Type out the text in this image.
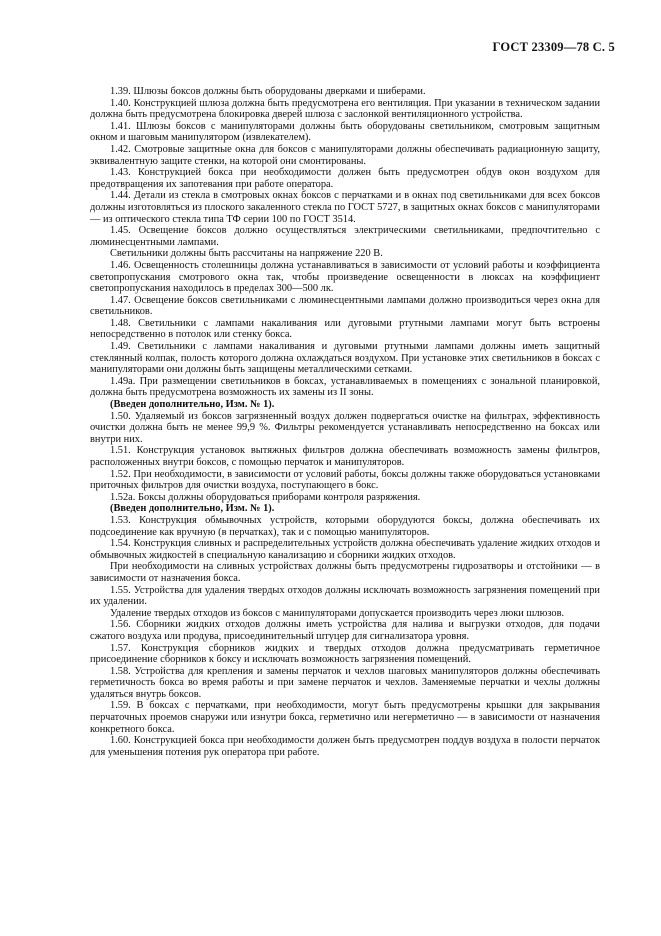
ГОСТ 23309—78 С. 5

1.39. Шлюзы боксов должны быть оборудованы дверками и шиберами.

1.40. Конструкцией шлюза должна быть предусмотрена его вентиляция. При указании в техническом задании должна быть предусмотрена блокировка дверей шлюза с заслонкой вентиляционного устройства.

1.41. Шлюзы боксов с манипуляторами должны быть оборудованы светильником, смотровым защитным окном и шаговым манипулятором (извлекателем).

1.42. Смотровые защитные окна для боксов с манипуляторами должны обеспечивать радиационную защиту, эквивалентную защите стенки, на которой они смонтированы.

1.43. Конструкцией бокса при необходимости должен быть предусмотрен обдув окон воздухом для предотвращения их запотевания при работе оператора.

1.44. Детали из стекла в смотровых окнах боксов с перчатками и в окнах под светильниками для всех боксов должны изготовляться из плоского закаленного стекла по ГОСТ 5727, в защитных окнах боксов с манипуляторами — из оптического стекла типа ТФ серии 100 по ГОСТ 3514.

1.45. Освещение боксов должно осуществляться электрическими светильниками, предпочтительно с люминесцентными лампами.

Светильники должны быть рассчитаны на напряжение 220 В.

1.46. Освещенность столешницы должна устанавливаться в зависимости от условий работы и коэффициента светопропускания смотрового окна так, чтобы произведение освещенности в люксах на коэффициент светопропускания находилось в пределах 300—500 лк.

1.47. Освещение боксов светильниками с люминесцентными лампами должно производиться через окна для светильников.

1.48. Светильники с лампами накаливания или дуговыми ртутными лампами могут быть встроены непосредственно в потолок или стенку бокса.

1.49. Светильники с лампами накаливания и дуговыми ртутными лампами должны иметь защитный стеклянный колпак, полость которого должна охлаждаться воздухом. При установке этих светильников в боксах с манипуляторами они должны быть защищены металлическими сетками.

1.49а. При размещении светильников в боксах, устанавливаемых в помещениях с зональной планировкой, должна быть предусмотрена возможность их замены из II зоны.

(Введен дополнительно, Изм. № 1).

1.50. Удаляемый из боксов загрязненный воздух должен подвергаться очистке на фильтрах, эффективность очистки должна быть не менее 99,9 %. Фильтры рекомендуется устанавливать непосредственно на боксах или внутри них.

1.51. Конструкция установок вытяжных фильтров должна обеспечивать возможность замены фильтров, расположенных внутри боксов, с помощью перчаток и манипуляторов.

1.52. При необходимости, в зависимости от условий работы, боксы должны также оборудоваться установками приточных фильтров для очистки воздуха, поступающего в бокс.

1.52а. Боксы должны оборудоваться приборами контроля разряжения.

(Введен дополнительно, Изм. № 1).

1.53. Конструкция обмывочных устройств, которыми оборудуются боксы, должна обеспечивать их подсоединение как вручную (в перчатках), так и с помощью манипуляторов.

1.54. Конструкция сливных и распределительных устройств должна обеспечивать удаление жидких отходов и обмывочных жидкостей в специальную канализацию и сборники жидких отходов.

При необходимости на сливных устройствах должны быть предусмотрены гидрозатворы и отстойники — в зависимости от назначения бокса.

1.55. Устройства для удаления твердых отходов должны исключать возможность загрязнения помещений при их удалении.

Удаление твердых отходов из боксов с манипуляторами допускается производить через люки шлюзов.

1.56. Сборники жидких отходов должны иметь устройства для налива и выгрузки отходов, для подачи сжатого воздуха или продува, присоединительный штуцер для сигнализатора уровня.

1.57. Конструкция сборников жидких и твердых отходов должна предусматривать герметичное присоединение сборников к боксу и исключать возможность загрязнения помещений.

1.58. Устройства для крепления и замены перчаток и чехлов шаговых манипуляторов должны обеспечивать герметичность бокса во время работы и при замене перчаток и чехлов. Заменяемые перчатки и чехлы должны удаляться внутрь боксов.

1.59. В боксах с перчатками, при необходимости, могут быть предусмотрены крышки для закрывания перчаточных проемов снаружи или изнутри бокса, герметично или негерметично — в зависимости от назначения конкретного бокса.

1.60. Конструкцией бокса при необходимости должен быть предусмотрен поддув воздуха в полости перчаток для уменьшения потения рук оператора при работе.
